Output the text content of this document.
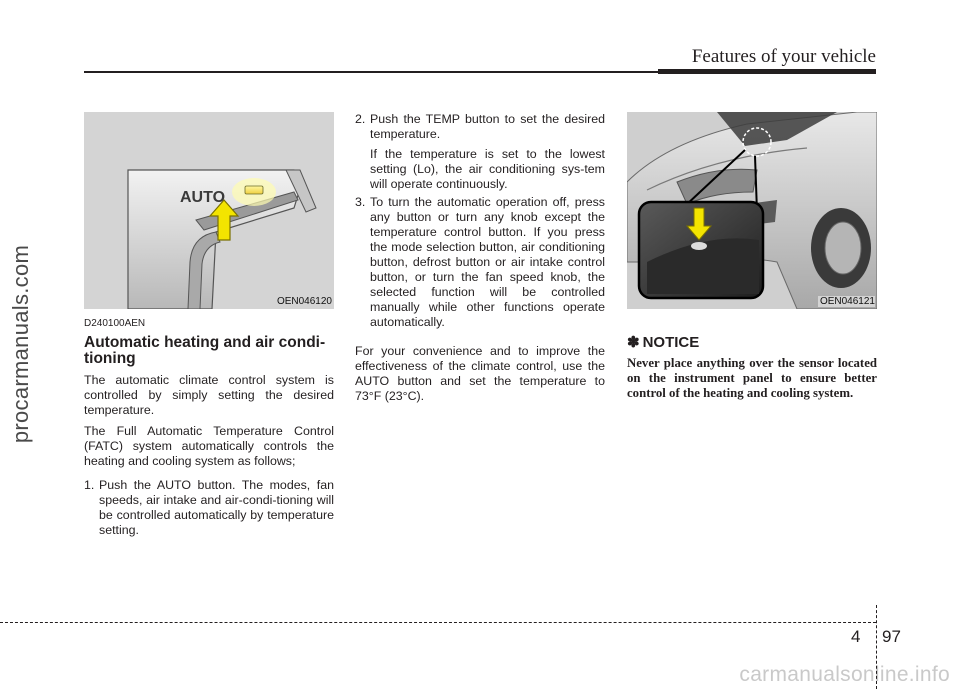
procarmanuals.com
carmanualsonline.info
Features of your vehicle
AUTO
OEN046120
D240100AEN
Automatic heating and air condi-tioning

The automatic climate control system is controlled by simply setting the desired temperature.

The Full Automatic Temperature Control (FATC) system automatically controls the heating and cooling system as follows;

1. Push the AUTO button. The modes, fan speeds, air intake and air-condi-tioning will be controlled automatically by temperature setting.
2. Push the TEMP button to set the desired temperature.
If the temperature is set to the lowest setting (Lo), the air conditioning sys-tem will operate continuously.
3. To turn the automatic operation off, press any button or turn any knob except the temperature control button. If you press the mode selection button, air conditioning button, defrost button or air intake control button, or turn the fan speed knob, the selected function will be controlled manually while other functions operate automatically.

For your convenience and to improve the effectiveness of the climate control, use the AUTO button and set the temperature to 73°F (23°C).

OEN046121
✽ NOTICE
Never place anything over the sensor located on the instrument panel to ensure better control of the heating and cooling system.
4 97
